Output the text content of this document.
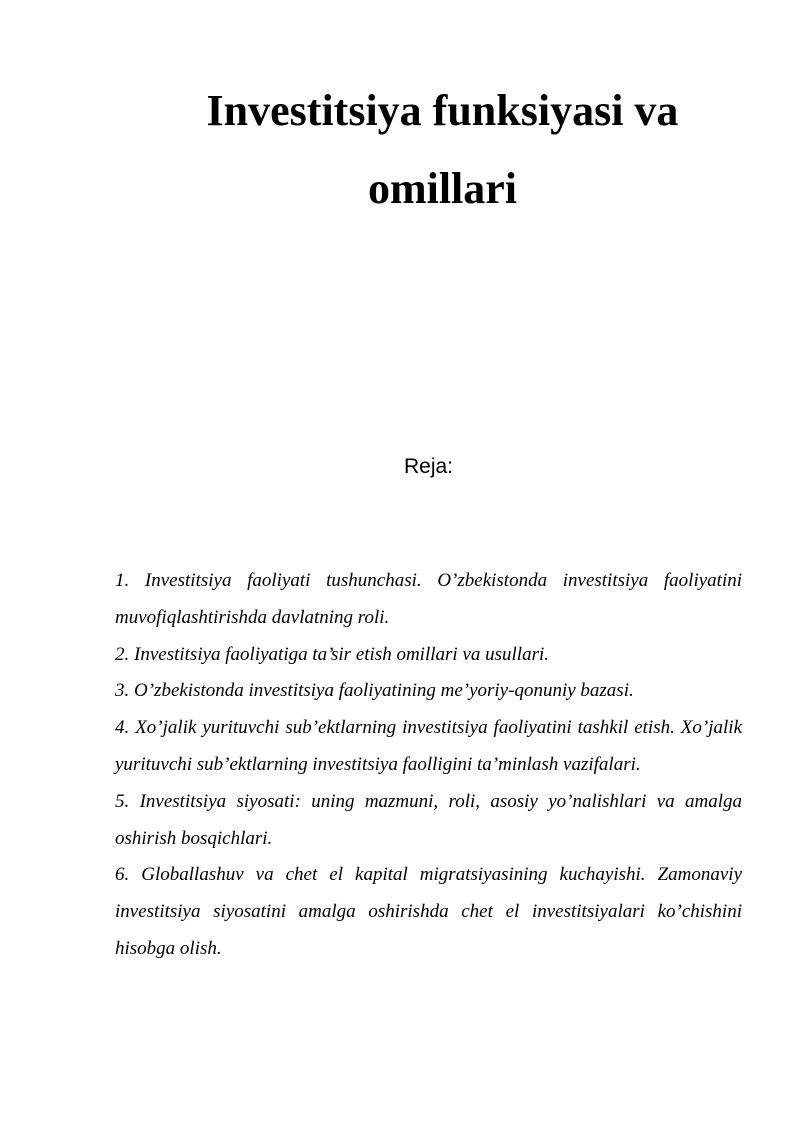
Investitsiya funksiyasi va
omillari

Reja:

1. Investitsiya faoliyati tushunchasi. O’zbekistonda investitsiya faoliyatini muvofiqlashtirishda davlatning roli.
2. Investitsiya faoliyatiga ta’sir etish omillari va usullari.
3. O’zbekistonda investitsiya faoliyatining me’yoriy-qonuniy bazasi.
4. Xo’jalik yurituvchi sub’ektlarning investitsiya faoliyatini tashkil etish. Xo’jalik yurituvchi sub’ektlarning investitsiya faolligini ta’minlash vazifalari.
5. Investitsiya siyosati: uning mazmuni, roli, asosiy yo’nalishlari va amalga oshirish bosqichlari.
6. Globallashuv va chet el kapital migratsiyasining kuchayishi. Zamonaviy investitsiya siyosatini amalga oshirishda chet el investitsiyalari ko’chishini hisobga olish.
